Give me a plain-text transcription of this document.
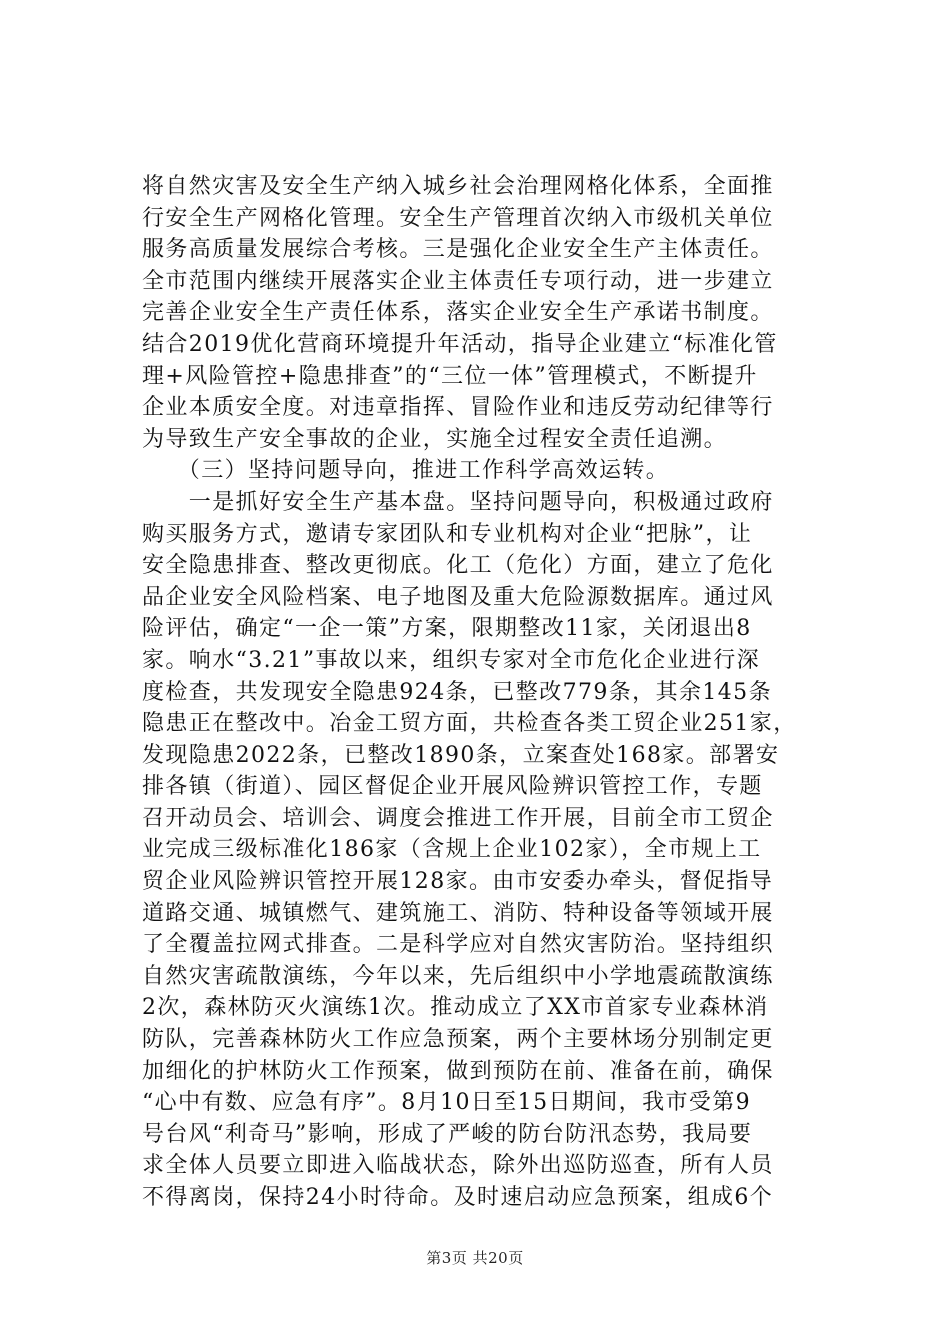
将自然灾害及安全生产纳入城乡社会治理网格化体系，全面推
行安全生产网格化管理。安全生产管理首次纳入市级机关单位
服务高质量发展综合考核。三是强化企业安全生产主体责任。
全市范围内继续开展落实企业主体责任专项行动，进一步建立
完善企业安全生产责任体系，落实企业安全生产承诺书制度。
结合2019优化营商环境提升年活动，指导企业建立“标准化管
理+风险管控+隐患排查”的“三位一体”管理模式，不断提升
企业本质安全度。对违章指挥、冒险作业和违反劳动纪律等行
为导致生产安全事故的企业，实施全过程安全责任追溯。
　　（三）坚持问题导向，推进工作科学高效运转。
　　一是抓好安全生产基本盘。坚持问题导向，积极通过政府
购买服务方式，邀请专家团队和专业机构对企业“把脉”，让
安全隐患排查、整改更彻底。化工（危化）方面，建立了危化
品企业安全风险档案、电子地图及重大危险源数据库。通过风
险评估，确定“一企一策”方案，限期整改11家，关闭退出8
家。响水“3.21”事故以来，组织专家对全市危化企业进行深
度检查，共发现安全隐患924条，已整改779条，其余145条
隐患正在整改中。冶金工贸方面，共检查各类工贸企业251家，
发现隐患2022条，已整改1890条，立案查处168家。部署安
排各镇（街道）、园区督促企业开展风险辨识管控工作，专题
召开动员会、培训会、调度会推进工作开展，目前全市工贸企
业完成三级标准化186家（含规上企业102家），全市规上工
贸企业风险辨识管控开展128家。由市安委办牵头，督促指导
道路交通、城镇燃气、建筑施工、消防、特种设备等领域开展
了全覆盖拉网式排查。二是科学应对自然灾害防治。坚持组织
自然灾害疏散演练，今年以来，先后组织中小学地震疏散演练
2次，森林防灭火演练1次。推动成立了XX市首家专业森林消
防队，完善森林防火工作应急预案，两个主要林场分别制定更
加细化的护林防火工作预案，做到预防在前、准备在前，确保
“心中有数、应急有序”。8月10日至15日期间，我市受第9
号台风“利奇马”影响，形成了严峻的防台防汛态势，我局要
求全体人员要立即进入临战状态，除外出巡防巡查，所有人员
不得离岗，保持24小时待命。及时速启动应急预案，组成6个
第3页 共20页
